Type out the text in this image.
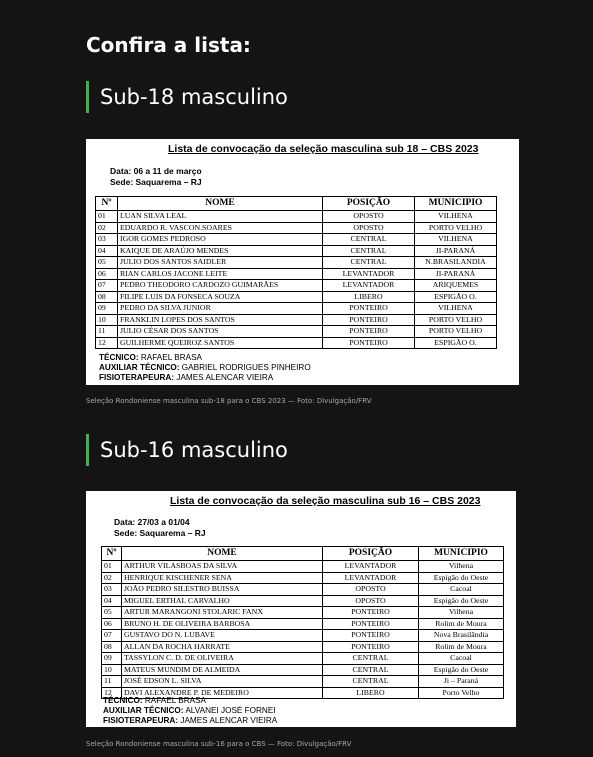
Confira a lista:
Sub-18 masculino
Lista de convocação da seleção masculina sub 18 – CBS 2023
Data: 06 a 11 de março
Sede: Saquarema – RJ
Nº	NOME	POSIÇÃO	MUNICIPIO
01	LUAN SILVA LEAL	OPOSTO	VILHENA
02	EDUARDO R. VASCON.SOARES	OPOSTO	PORTO VELHO
03	IGOR GOMES PEDROSO	CENTRAL	VILHENA
04	KAIQUE DE ARAÚJO MENDES	CENTRAL	JI-PARANÁ
05	JULIO DOS SANTOS SAIDLER	CENTRAL	N.BRASILANDIA
06	RIAN CARLOS JACONE LEITE	LEVANTADOR	JI-PARANÁ
07	PEDRO THEODORO CARDOZO GUIMARÃES	LEVANTADOR	ARIQUEMES
08	FILIPE LUIS DA FONSECA SOUZA	LIBERO	ESPIGÃO O.
09	PEDRO DA SILVA JUNIOR	PONTEIRO	VILHENA
10	FRANKLIN LOPES DOS SANTOS	PONTEIRO	PORTO VELHO
11	JULIO CÉSAR DOS SANTOS	PONTEIRO	PORTO VELHO
12	GUILHERME QUEIROZ SANTOS	PONTEIRO	ESPIGÃO O.
TÉCNICO: RAFAEL BRASA
AUXILIAR TÉCNICO: GABRIEL RODRIGUES PINHEIRO
FISIOTERAPEURA: JAMES ALENCAR VIEIRA
Seleção Rondoniense masculina sub-18 para o CBS 2023 — Foto: Divulgação/FRV
Sub-16 masculino
Lista de convocação da seleção masculina sub 16 – CBS 2023
Data: 27/03 a 01/04
Sede: Saquarema – RJ
Nº	NOME	POSIÇÃO	MUNICIPIO
01	ARTHUR VILASBOAS DA SILVA	LEVANTADOR	Vilhena
02	HENRIQUE KISCHENER SENA	LEVANTADOR	Espigão do Oeste
03	JOÃO PEDRO SILESTRO BUISSA	OPOSTO	Cacoal
04	MIGUEL ERTHAL CARVALHO	OPOSTO	Espigão do Oeste
05	ARTUR MARANGONI STOLARIC FANX	PONTEIRO	Vilhena
06	BRUNO H. DE OLIVEIRA BARBOSA	PONTEIRO	Rolim de Moura
07	GUSTAVO DO N. LUBAVE	PONTEIRO	Nova Brasilândia
08	ALLAN DA ROCHA HARRATE	PONTEIRO	Rolim de Moura
09	TASSYLON C. D. DE OLIVEIRA	CENTRAL	Cacoal
10	MATEUS MUNDIM DE ALMEIDA	CENTRAL	Espigão do Oeste
11	JOSÉ EDSON L. SILVA	CENTRAL	Ji – Paraná
12	DAVI ALEXANDRE P. DE MEDEIRO	LIBERO	Porto Velho
TÉCNICO: RAFAEL BRASA
AUXILIAR TÉCNICO: ALVANEI JOSÉ FORNEI
FISIOTERAPEURA: JAMES ALENCAR VIEIRA
Seleção Rondoniense masculina sub-16 para o CBS — Foto: Divulgação/FRV
